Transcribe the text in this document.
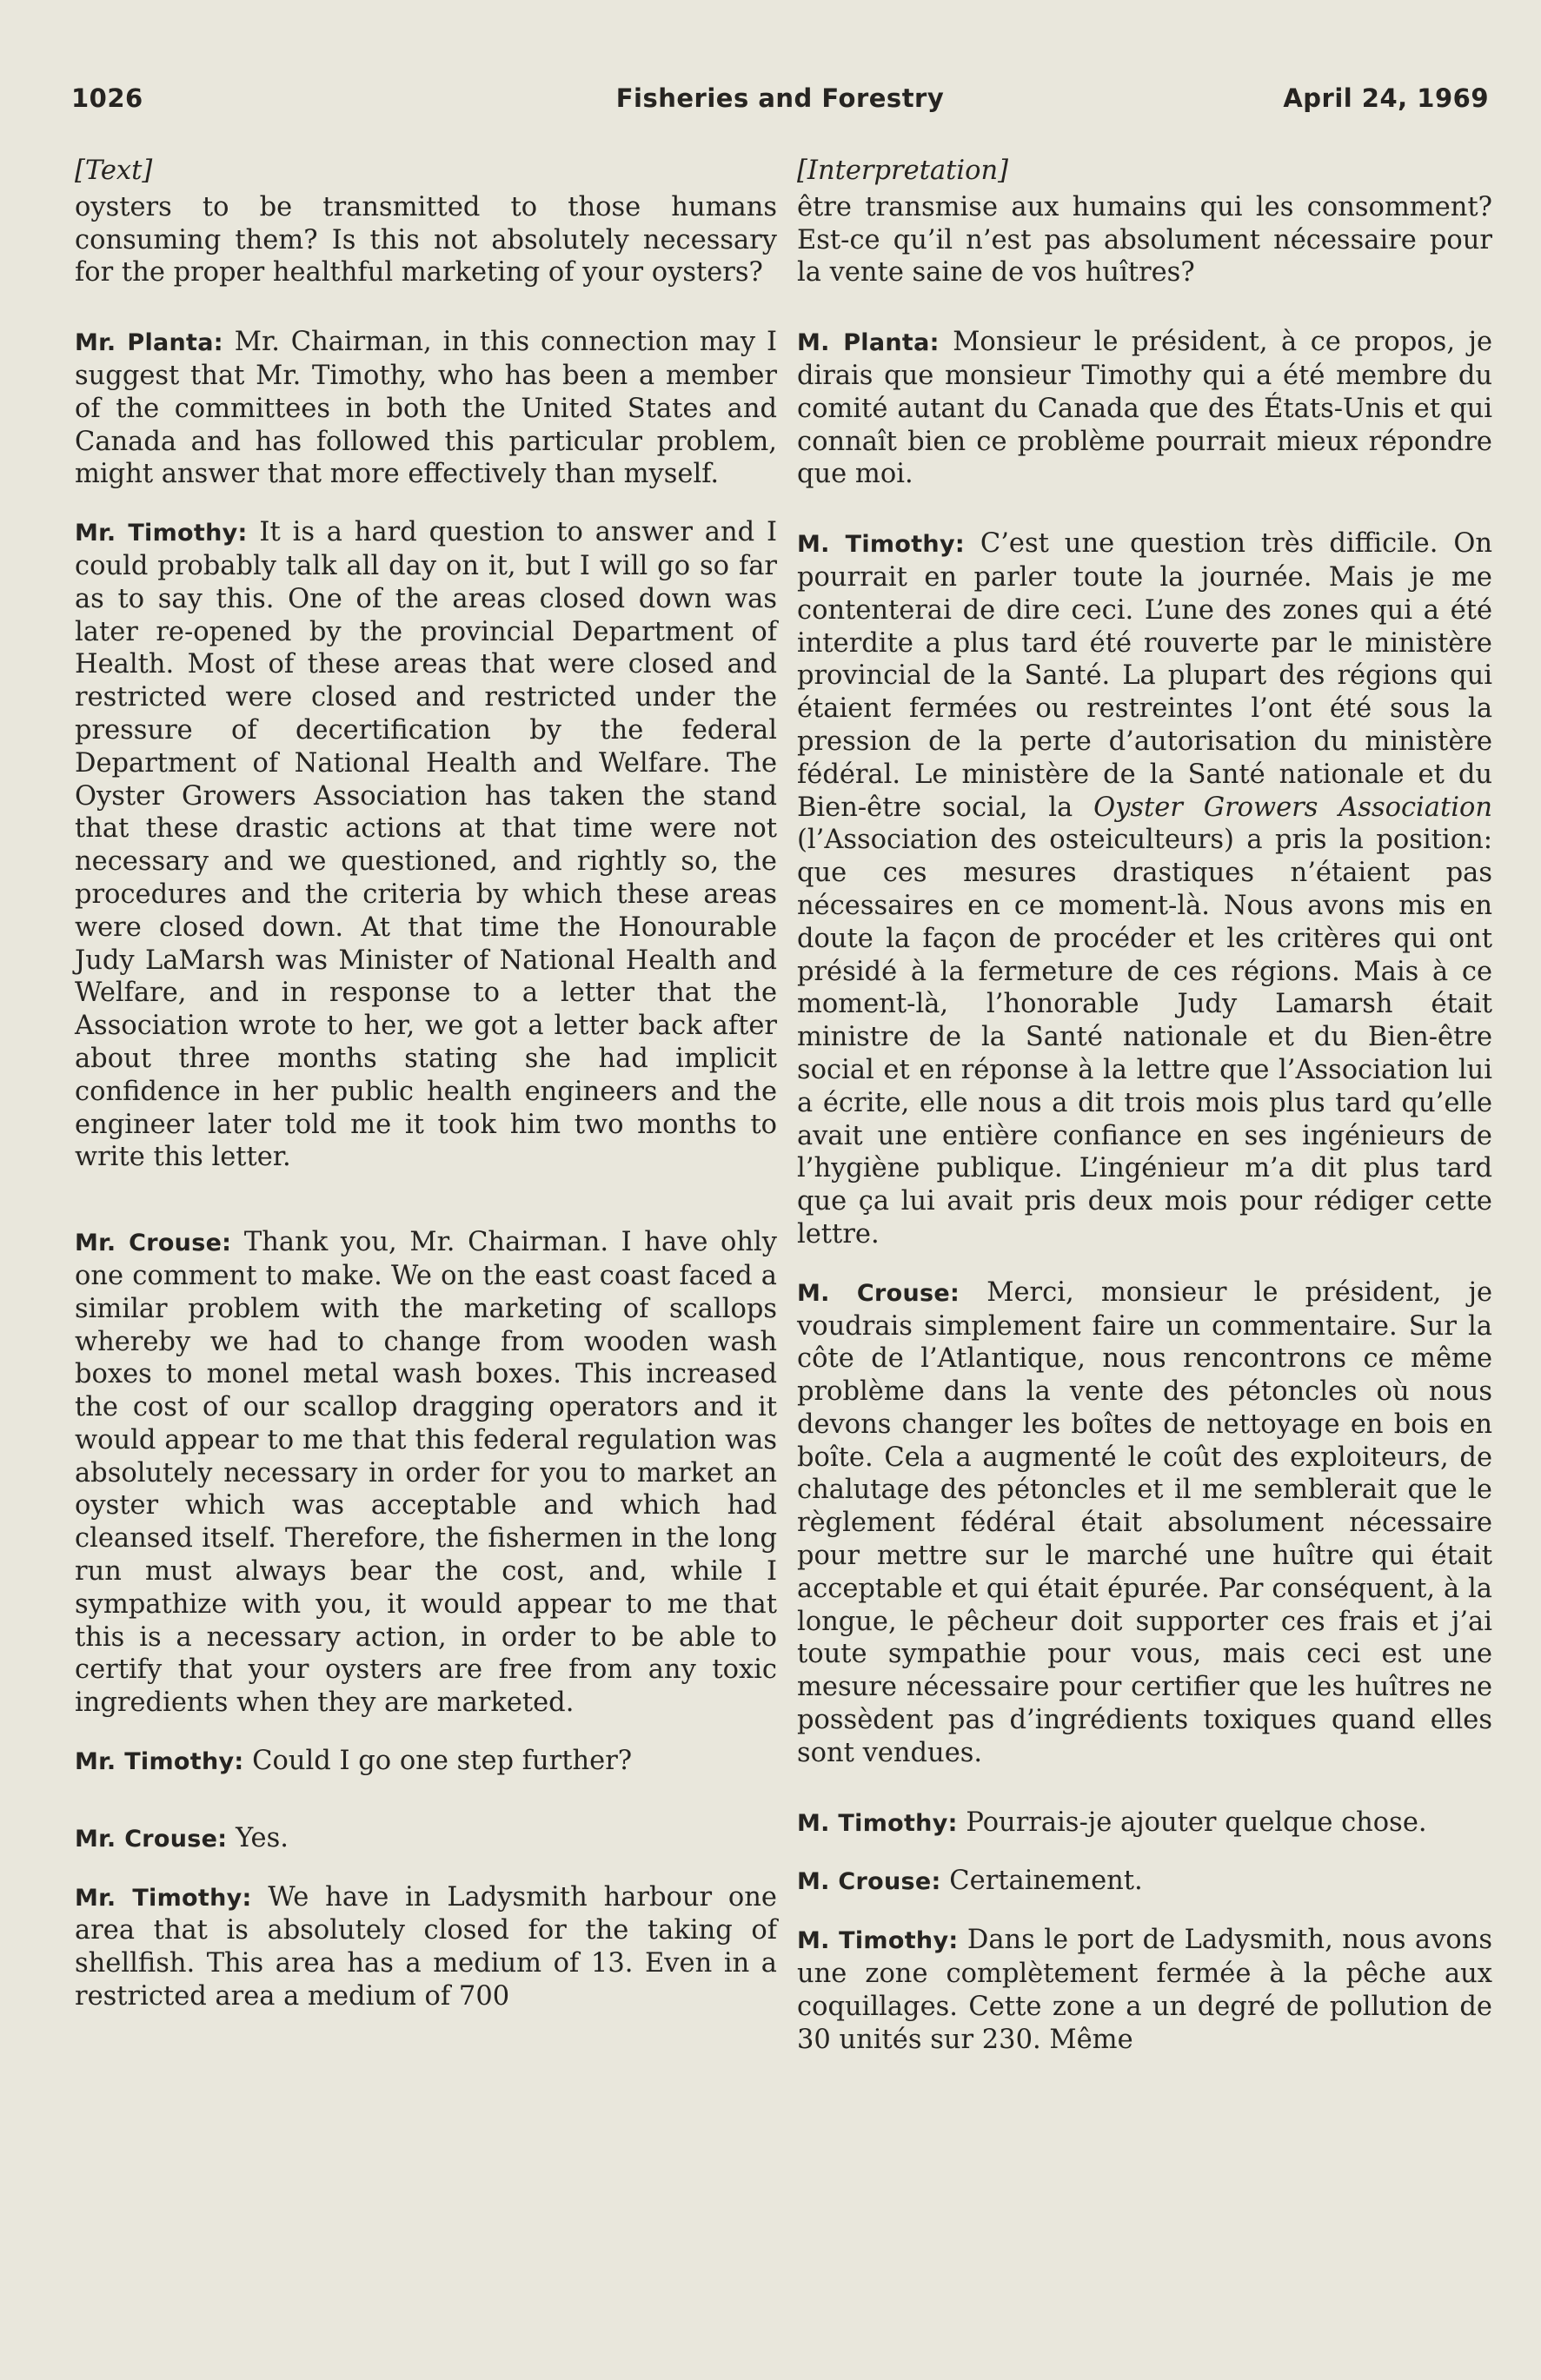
1026	Fisheries and Forestry	April 24, 1969
[Text]

oysters to be transmitted to those humans consuming them? Is this not absolutely necessary for the proper healthful marketing of your oysters?

Mr. Planta: Mr. Chairman, in this connection may I suggest that Mr. Timothy, who has been a member of the committees in both the United States and Canada and has followed this particular problem, might answer that more effectively than myself.

Mr. Timothy: It is a hard question to answer and I could probably talk all day on it, but I will go so far as to say this. One of the areas closed down was later re-opened by the provincial Department of Health. Most of these areas that were closed and restricted were closed and restricted under the pressure of decertification by the federal Department of National Health and Welfare. The Oyster Growers Association has taken the stand that these drastic actions at that time were not necessary and we questioned, and rightly so, the procedures and the criteria by which these areas were closed down. At that time the Honourable Judy LaMarsh was Minister of National Health and Welfare, and in response to a letter that the Association wrote to her, we got a letter back after about three months stating she had implicit confidence in her public health engineers and the engineer later told me it took him two months to write this letter.

Mr. Crouse: Thank you, Mr. Chairman. I have ohly one comment to make. We on the east coast faced a similar problem with the marketing of scallops whereby we had to change from wooden wash boxes to monel metal wash boxes. This increased the cost of our scallop dragging operators and it would appear to me that this federal regulation was absolutely necessary in order for you to market an oyster which was acceptable and which had cleansed itself. Therefore, the fishermen in the long run must always bear the cost, and, while I sympathize with you, it would appear to me that this is a necessary action, in order to be able to certify that your oysters are free from any toxic ingredients when they are marketed.

Mr. Timothy: Could I go one step further?

Mr. Crouse: Yes.

Mr. Timothy: We have in Ladysmith harbour one area that is absolutely closed for the taking of shellfish. This area has a medium of 13. Even in a restricted area a medium of 700

[Interpretation]

être transmise aux humains qui les consomment? Est-ce qu’il n’est pas absolument nécessaire pour la vente saine de vos huîtres?

M. Planta: Monsieur le président, à ce propos, je dirais que monsieur Timothy qui a été membre du comité autant du Canada que des États-Unis et qui connaît bien ce problème pourrait mieux répondre que moi.

M. Timothy: C’est une question très difficile. On pourrait en parler toute la journée. Mais je me contenterai de dire ceci. L’une des zones qui a été interdite a plus tard été rouverte par le ministère provincial de la Santé. La plupart des régions qui étaient fermées ou restreintes l’ont été sous la pression de la perte d’autorisation du ministère fédéral. Le ministère de la Santé nationale et du Bien-être social, la Oyster Growers Association (l’Association des osteiculteurs) a pris la position: que ces mesures drastiques n’étaient pas nécessaires en ce moment-là. Nous avons mis en doute la façon de procéder et les critères qui ont présidé à la fermeture de ces régions. Mais à ce moment-là, l’honorable Judy Lamarsh était ministre de la Santé nationale et du Bien-être social et en réponse à la lettre que l’Association lui a écrite, elle nous a dit trois mois plus tard qu’elle avait une entière confiance en ses ingénieurs de l’hygiène publique. L’ingénieur m’a dit plus tard que ça lui avait pris deux mois pour rédiger cette lettre.

M. Crouse: Merci, monsieur le président, je voudrais simplement faire un commentaire. Sur la côte de l’Atlantique, nous rencontrons ce même problème dans la vente des pétoncles où nous devons changer les boîtes de nettoyage en bois en boîte. Cela a augmenté le coût des exploiteurs, de chalutage des pétoncles et il me semblerait que le règlement fédéral était absolument nécessaire pour mettre sur le marché une huître qui était acceptable et qui était épurée. Par conséquent, à la longue, le pêcheur doit supporter ces frais et j’ai toute sympathie pour vous, mais ceci est une mesure nécessaire pour certifier que les huîtres ne possèdent pas d’ingrédients toxiques quand elles sont vendues.

M. Timothy: Pourrais-je ajouter quelque chose.

M. Crouse: Certainement.

M. Timothy: Dans le port de Ladysmith, nous avons une zone complètement fermée à la pêche aux coquillages. Cette zone a un degré de pollution de 30 unités sur 230. Même
